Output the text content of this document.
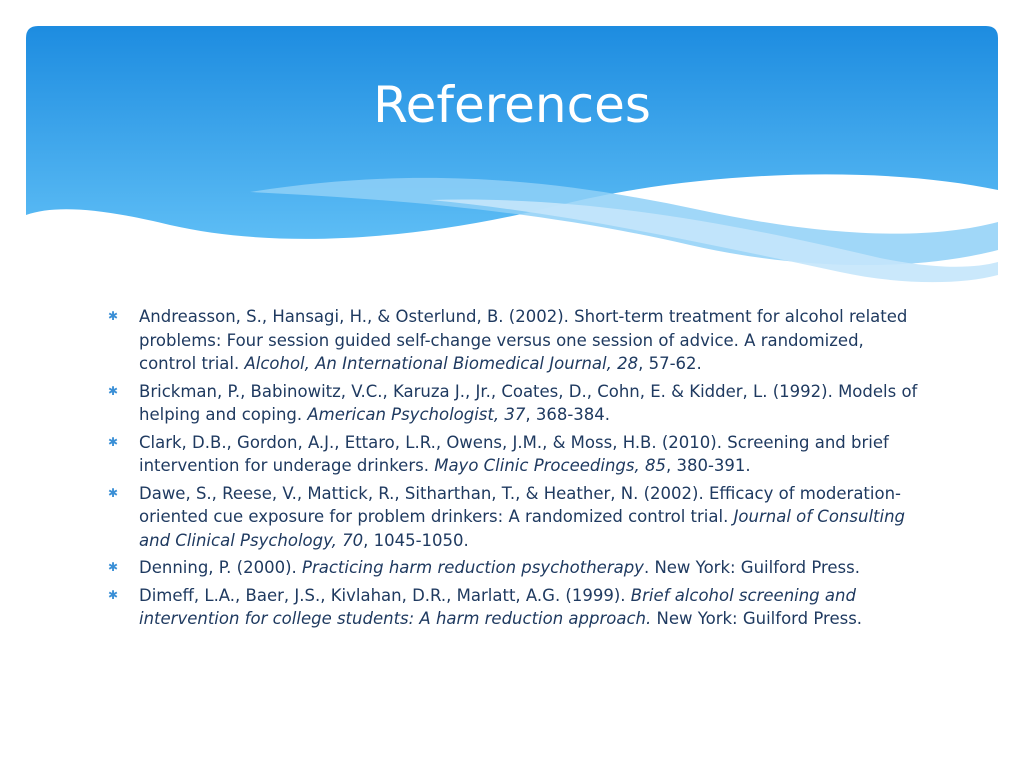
References
✱ Andreasson, S., Hansagi, H., & Osterlund, B. (2002). Short-term treatment for alcohol related problems: Four session guided self-change versus one session of advice. A randomized, control trial. Alcohol, An International Biomedical Journal, 28, 57-62.
✱ Brickman, P., Babinowitz, V.C., Karuza J., Jr., Coates, D., Cohn, E. & Kidder, L. (1992). Models of helping and coping. American Psychologist, 37, 368-384.
✱ Clark, D.B., Gordon, A.J., Ettaro, L.R., Owens, J.M., & Moss, H.B. (2010). Screening and brief intervention for underage drinkers. Mayo Clinic Proceedings, 85, 380-391.
✱ Dawe, S., Reese, V., Mattick, R., Sitharthan, T., & Heather, N. (2002). Efficacy of moderation-oriented cue exposure for problem drinkers: A randomized control trial. Journal of Consulting and Clinical Psychology, 70, 1045-1050.
✱ Denning, P. (2000). Practicing harm reduction psychotherapy. New York: Guilford Press.
✱ Dimeff, L.A., Baer, J.S., Kivlahan, D.R., Marlatt, A.G. (1999). Brief alcohol screening and intervention for college students: A harm reduction approach. New York: Guilford Press.
